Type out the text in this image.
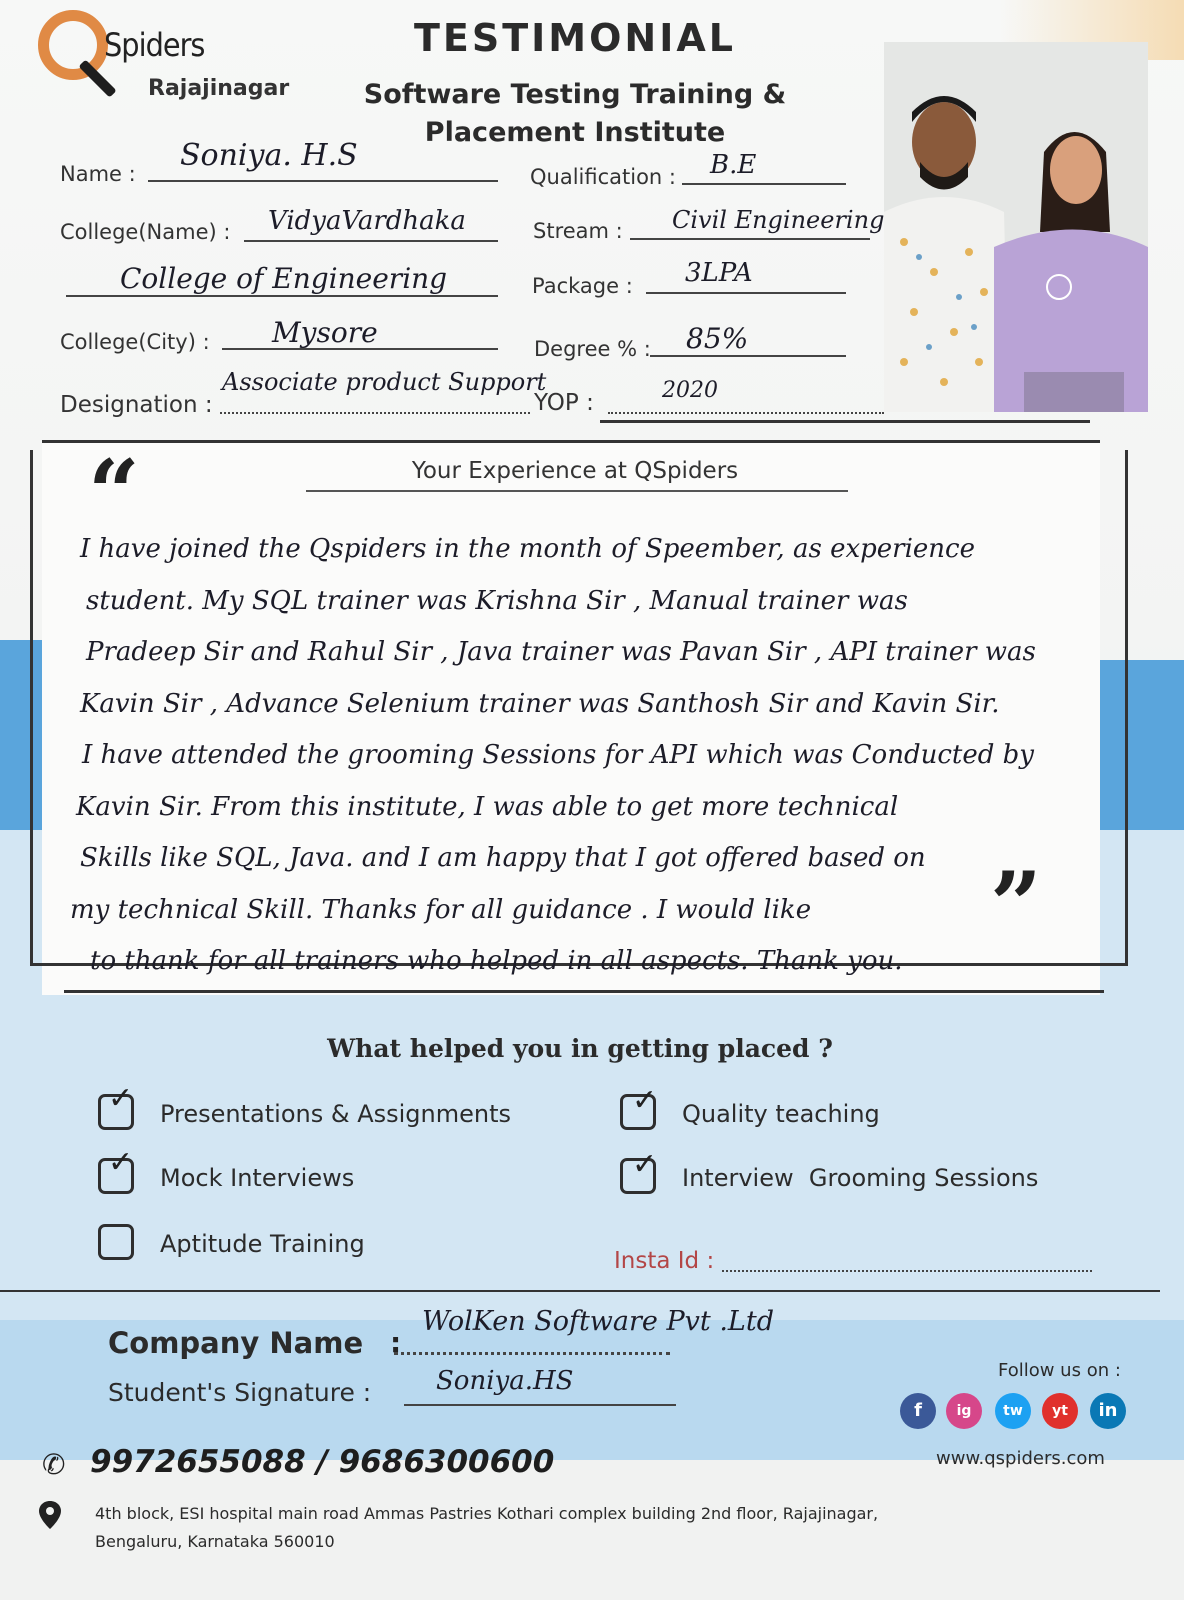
Spiders
Rajajinagar
TESTIMONIAL
Software Testing Training & Placement Institute
Name :
Soniya. H.S
Qualification : B.E
College(Name) : VidyaVardhaka	Stream : Civil Engineering
College of Engineering	Package : 3LPA
College(City) : Mysore	Degree % : 85%
Designation :
Associate product Support
YOP :	2020
Your Experience at QSpiders
“
”
I have joined the Qspiders in the month of Speember, as experience
student. My SQL trainer was Krishna Sir , Manual trainer was
Pradeep Sir and Rahul Sir , Java trainer was Pavan Sir , API trainer was
Kavin Sir , Advance Selenium trainer was Santhosh Sir and Kavin Sir.
I have attended the grooming Sessions for API which was Conducted by
Kavin Sir. From this institute, I was able to get more technical
Skills like SQL, Java. and I am happy that I got offered based on
my technical Skill. Thanks for all guidance . I would like
to thank for all trainers who helped in all aspects. Thank you.
What helped you in getting placed ?
✓ Presentations & Assignments	✓ Quality teaching
✓ Mock Interviews	✓ Interview  Grooming Sessions
Aptitude Training
Insta Id :
Company Name :
WolKen Software Pvt .Ltd
Student's Signature : Soniya.HS	Follow us on :
f	ig	tw	yt	in
✆ 9972655088 / 9686300600	www.qspiders.com
4th block, ESI hospital main road Ammas Pastries Kothari complex building 2nd floor, Rajajinagar,
Bengaluru, Karnataka 560010
